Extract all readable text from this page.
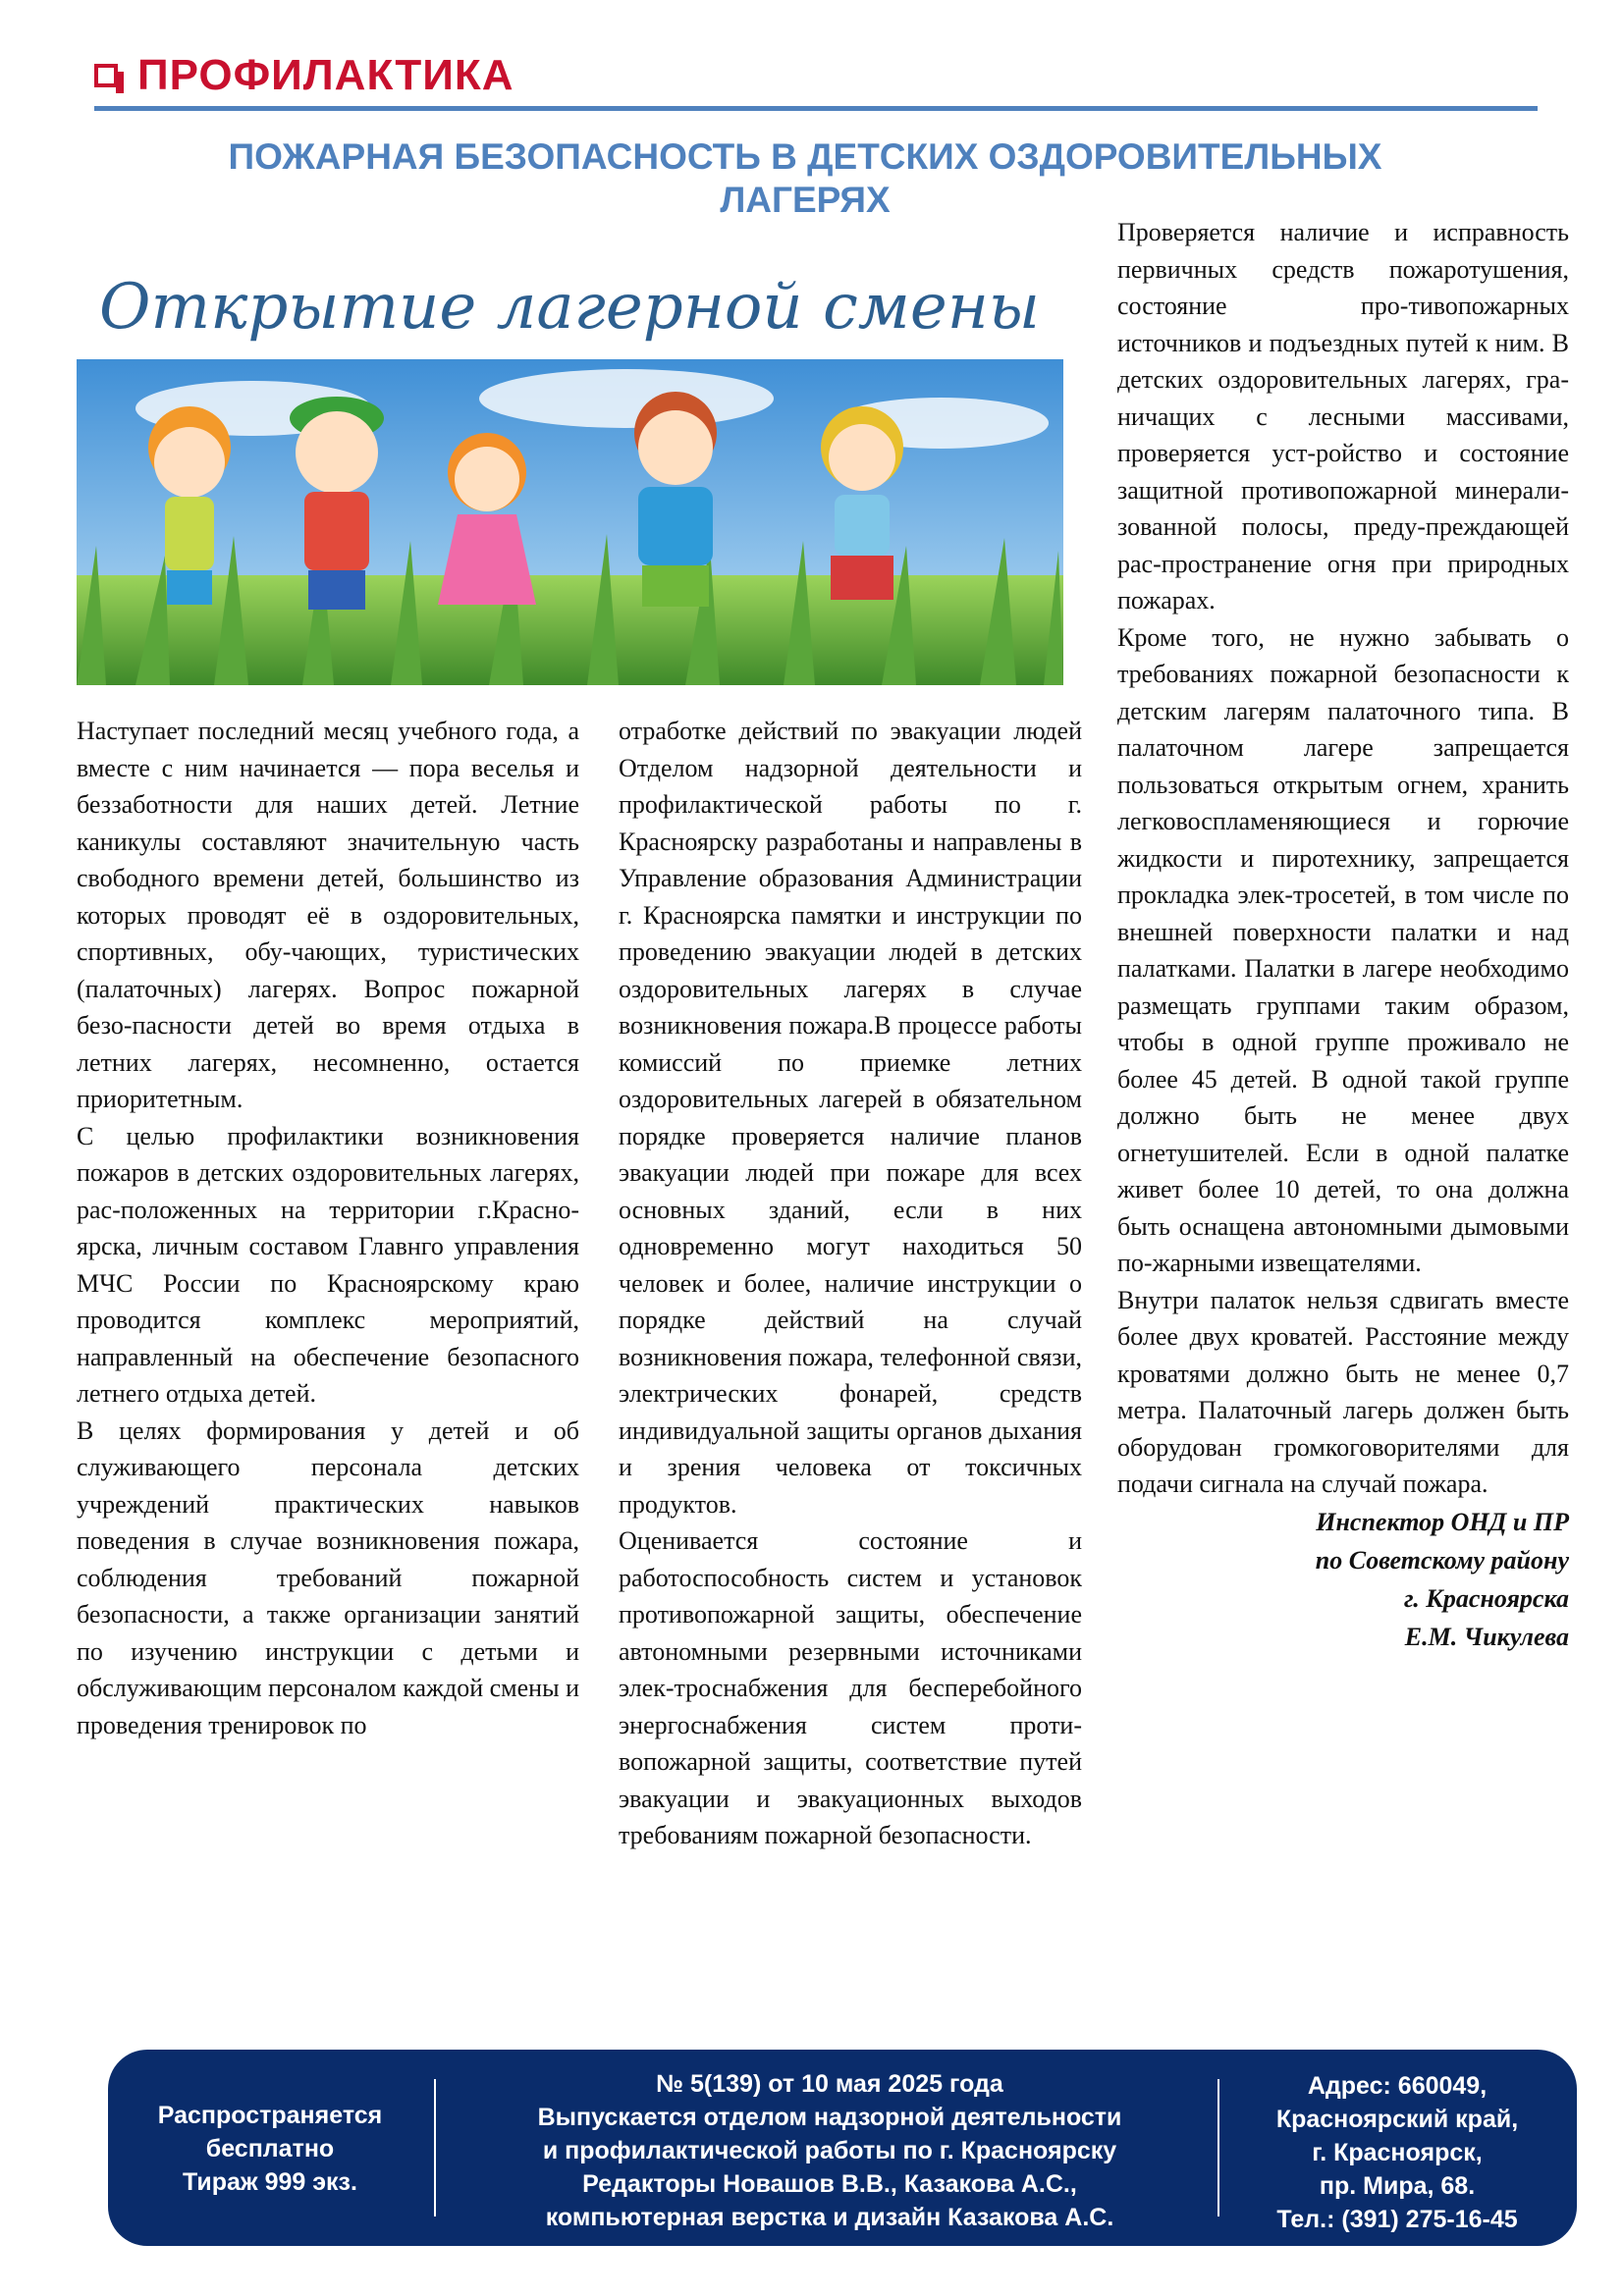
ПРОФИЛАКТИКА
ПОЖАРНАЯ БЕЗОПАСНОСТЬ В ДЕТСКИХ ОЗДОРОВИТЕЛЬНЫХ
ЛАГЕРЯХ
Открытие лагерной смены

Наступает последний месяц учебного года, а вместе с ним начинается — пора веселья и беззаботности для наших детей. Летние каникулы составляют значительную часть свободного времени детей, большинство из которых проводят её в оздоровительных, спортивных, обу-чающих, туристических (палаточных) лагерях. Вопрос пожарной безо-пасности детей во время отдыха в летних лагерях, несомненно, остается приоритетным.

С целью профилактики возникновения пожаров в детских оздоровительных лагерях, рас-положенных на территории г.Красно-ярска, личным составом Главнго управления МЧС России по Красноярскому краю проводится комплекс мероприятий, направленный на обеспечение безопасного летнего отдыха детей.

В целях формирования у детей и об служивающего персонала детских учреждений практических навыков поведения в случае возникновения пожара, соблюдения требований пожарной безопасности, а также организации занятий по изучению инструкции с детьми и обслуживающим персоналом каждой смены и проведения тренировок по

отработке действий по эвакуации людей Отделом надзорной деятельности и профилактической работы по г. Красноярску разработаны и направлены в Управление образования Администрации г. Красноярска памятки и инструкции по проведению эвакуации людей в детских оздоровительных лагерях в случае возникновения пожара.В процессе работы комиссий по приемке летних оздоровительных лагерей в обязательном порядке проверяется наличие планов эвакуации людей при пожаре для всех основных зданий, если в них одновременно могут находиться 50 человек и более, наличие инструкции о порядке действий на случай возникновения пожара, телефонной связи, электрических фонарей, средств индивидуальной защиты органов дыхания и зрения человека от токсичных продуктов.

Оценивается состояние и работоспособность систем и установок противопожарной защиты, обеспечение автономными резервными источниками элек-троснабжения для бесперебойного энергоснабжения систем проти-вопожарной защиты, соответствие путей эвакуации и эвакуационных выходов требованиям пожарной безопасности.

Проверяется наличие и исправность первичных средств пожаротушения, состояние про-тивопожарных источников и подъездных путей к ним. В детских оздоровительных лагерях, гра-ничащих с лесными массивами, проверяется уст-ройство и состояние защитной противопожарной минерали-зованной полосы, преду-преждающей рас-пространение огня при природных пожарах.

Кроме того, не нужно забывать о требованиях пожарной безопасности к детским лагерям палаточного типа. В палаточном лагере запрещается пользоваться открытым огнем, хранить легковоспламеняющиеся и горючие жидкости и пиротехнику, запрещается прокладка элек-тросетей, в том числе по внешней поверхности палатки и над палатками. Палатки в лагере необходимо размещать группами таким образом, чтобы в одной группе проживало не более 45 детей. В одной такой группе должно быть не менее двух огнетушителей. Если в одной палатке живет более 10 детей, то она должна быть оснащена автономными дымовыми по-жарными извещателями.

Внутри палаток нельзя сдвигать вместе более двух кроватей. Расстояние между кроватями должно быть не менее 0,7 метра. Палаточный лагерь должен быть оборудован громкоговорителями для подачи сигнала на случай пожара.

Инспектор ОНД и ПР
по Советскому району
г. Красноярска
Е.М. Чикулева
Распространяется
бесплатно
Тираж 999 экз.
№ 5(139) от 10 мая 2025 года
Выпускается отделом надзорной деятельности
и профилактической работы по г. Красноярску
Редакторы Новашов В.В., Казакова А.С.,
компьютерная верстка и дизайн Казакова А.С.
Адрес: 660049,
Красноярский край,
г. Красноярск,
пр. Мира, 68.
Тел.: (391) 275-16-45
